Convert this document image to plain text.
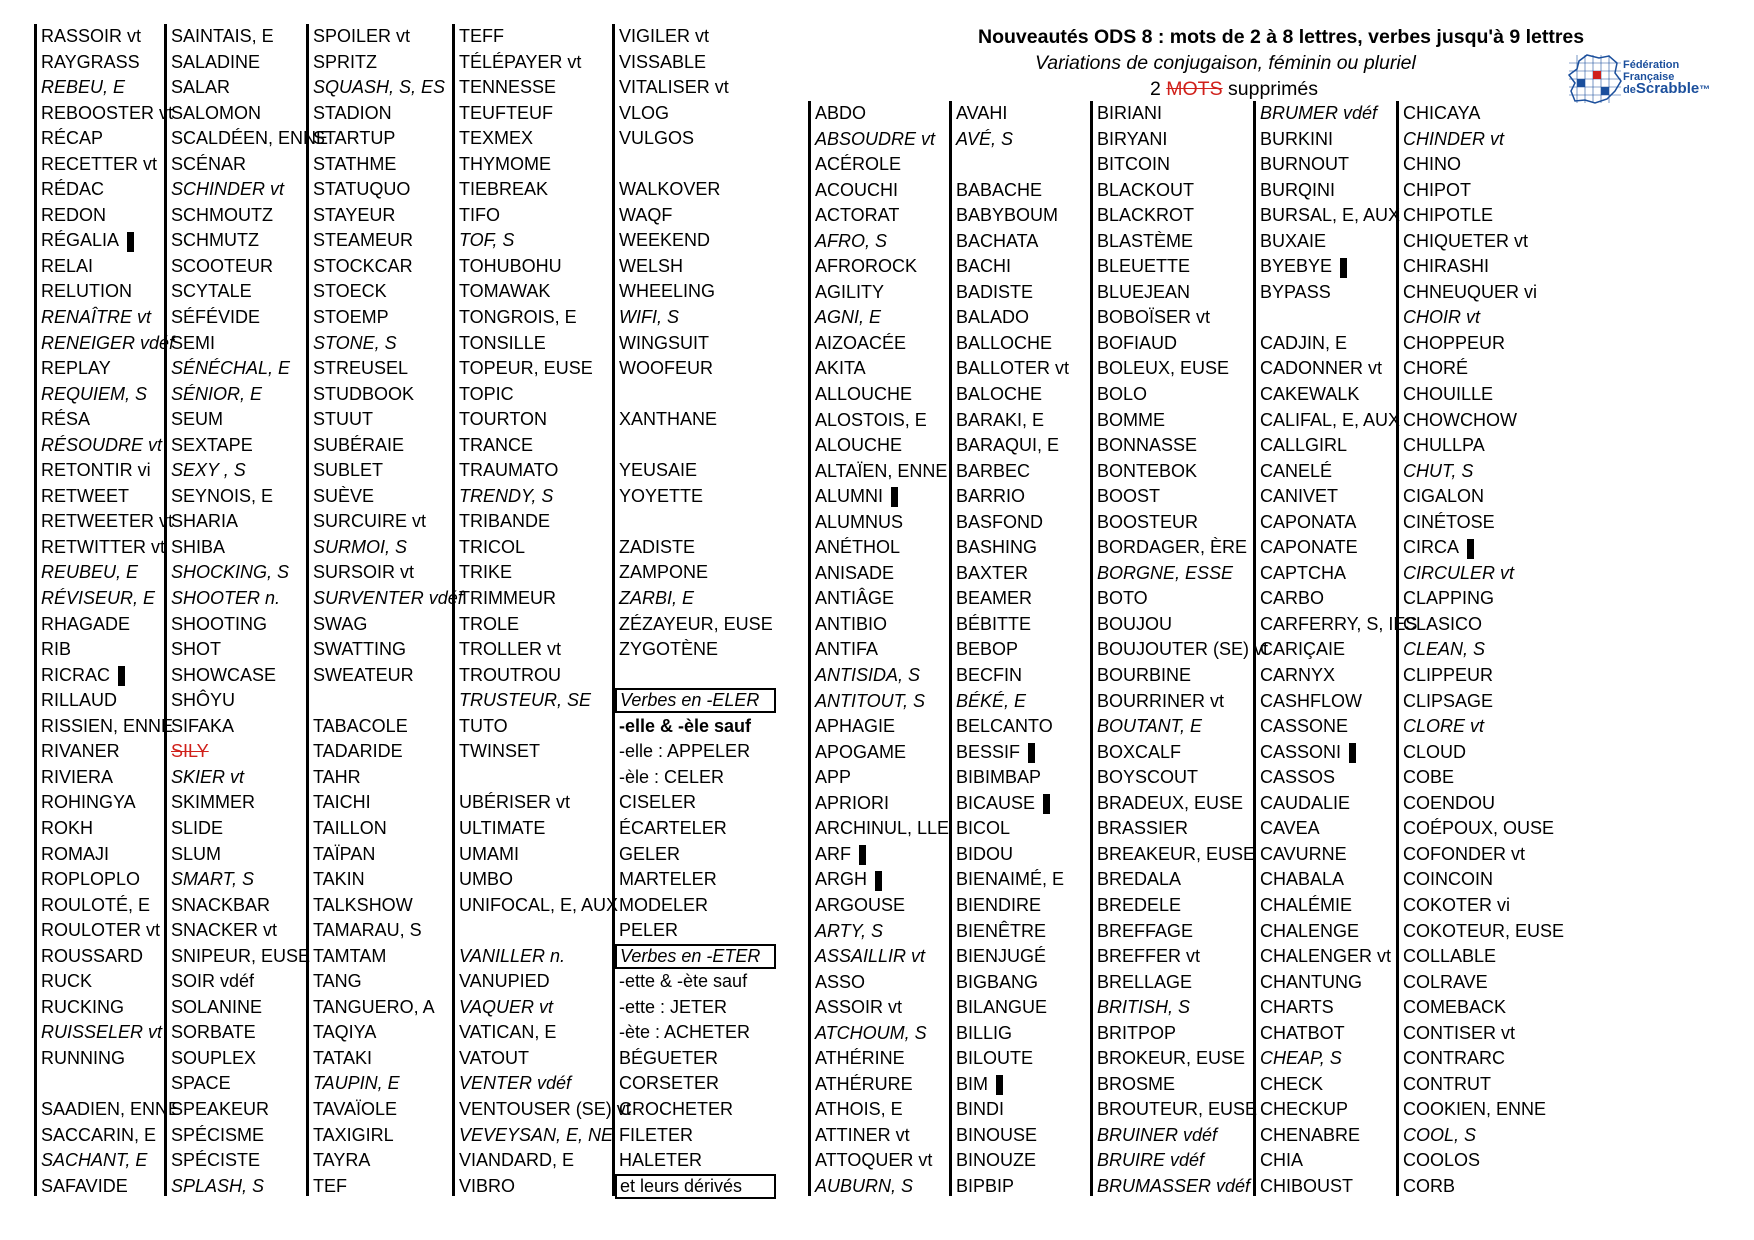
Nouveautés ODS 8 : mots de 2 à 8 lettres, verbes jusqu'à 9 lettres
Variations de conjugaison, féminin ou pluriel
2 MOTS supprimés
Fédération
Française
deScrabble™
RASSOIR vt
RAYGRASS
REBEU, E
REBOOSTER vt
RÉCAP
RECETTER vt
RÉDAC
REDON
RÉGALIA
RELAI
RELUTION
RENAÎTRE vt
RENEIGER vdéf
REPLAY
REQUIEM, S
RÉSA
RÉSOUDRE vt
RETONTIR vi
RETWEET
RETWEETER vt
RETWITTER vt
REUBEU, E
RÉVISEUR, E
RHAGADE
RIB
RICRAC
RILLAUD
RISSIEN, ENNE
RIVANER
RIVIERA
ROHINGYA
ROKH
ROMAJI
ROPLOPLO
ROULOTÉ, E
ROULOTER vt
ROUSSARD
RUCK
RUCKING
RUISSELER vt
RUNNING
SAADIEN, ENNE
SACCARIN, E
SACHANT, E
SAFAVIDE
SAINTAIS, E
SALADINE
SALAR
SALOMON
SCALDÉEN, ENNE
SCÉNAR
SCHINDER vt
SCHMOUTZ
SCHMUTZ
SCOOTEUR
SCYTALE
SÉFÉVIDE
SEMI
SÉNÉCHAL, E
SÉNIOR, E
SEUM
SEXTAPE
SEXY , S
SEYNOIS, E
SHARIA
SHIBA
SHOCKING, S
SHOOTER n.
SHOOTING
SHOT
SHOWCASE
SHÔYU
SIFAKA
SILY
SKIER vt
SKIMMER
SLIDE
SLUM
SMART, S
SNACKBAR
SNACKER vt
SNIPEUR, EUSE
SOIR vdéf
SOLANINE
SORBATE
SOUPLEX
SPACE
SPEAKEUR
SPÉCISME
SPÉCISTE
SPLASH, S
SPOILER vt
SPRITZ
SQUASH, S, ES
STADION
STARTUP
STATHME
STATUQUO
STAYEUR
STEAMEUR
STOCKCAR
STOECK
STOEMP
STONE, S
STREUSEL
STUDBOOK
STUUT
SUBÉRAIE
SUBLET
SUÈVE
SURCUIRE vt
SURMOI, S
SURSOIR vt
SURVENTER vdéf
SWAG
SWATTING
SWEATEUR
TABACOLE
TADARIDE
TAHR
TAICHI
TAILLON
TAÏPAN
TAKIN
TALKSHOW
TAMARAU, S
TAMTAM
TANG
TANGUERO, A
TAQIYA
TATAKI
TAUPIN, E
TAVAÏOLE
TAXIGIRL
TAYRA
TEF
TEFF
TÉLÉPAYER vt
TENNESSE
TEUFTEUF
TEXMEX
THYMOME
TIEBREAK
TIFO
TOF, S
TOHUBOHU
TOMAWAK
TONGROIS, E
TONSILLE
TOPEUR, EUSE
TOPIC
TOURTON
TRANCE
TRAUMATO
TRENDY, S
TRIBANDE
TRICOL
TRIKE
TRIMMEUR
TROLE
TROLLER vt
TROUTROU
TRUSTEUR, SE
TUTO
TWINSET
UBÉRISER vt
ULTIMATE
UMAMI
UMBO
UNIFOCAL, E, AUX
VANILLER n.
VANUPIED
VAQUER vt
VATICAN, E
VATOUT
VENTER vdéf
VENTOUSER (SE) vt
VEVEYSAN, E, NE
VIANDARD, E
VIBRO
VIGILER vt
VISSABLE
VITALISER vt
VLOG
VULGOS
WALKOVER
WAQF
WEEKEND
WELSH
WHEELING
WIFI, S
WINGSUIT
WOOFEUR
XANTHANE
YEUSAIE
YOYETTE
ZADISTE
ZAMPONE
ZARBI, E
ZÉZAYEUR, EUSE
ZYGOTÈNE
Verbes en -ELER
-elle & -èle sauf
-elle : APPELER
-èle : CELER
CISELER
ÉCARTELER
GELER
MARTELER
MODELER
PELER
Verbes en -ETER
-ette & -ète sauf
-ette : JETER
-ète : ACHETER
BÉGUETER
CORSETER
CROCHETER
FILETER
HALETER
et leurs dérivés
ABDO
ABSOUDRE vt
ACÉROLE
ACOUCHI
ACTORAT
AFRO, S
AFROROCK
AGILITY
AGNI, E
AIZOACÉE
AKITA
ALLOUCHE
ALOSTOIS, E
ALOUCHE
ALTAÏEN, ENNE
ALUMNI
ALUMNUS
ANÉTHOL
ANISADE
ANTIÂGE
ANTIBIO
ANTIFA
ANTISIDA, S
ANTITOUT, S
APHAGIE
APOGAME
APP
APRIORI
ARCHINUL, LLE
ARF
ARGH
ARGOUSE
ARTY, S
ASSAILLIR vt
ASSO
ASSOIR vt
ATCHOUM, S
ATHÉRINE
ATHÉRURE
ATHOIS, E
ATTINER vt
ATTOQUER vt
AUBURN, S
AVAHI
AVÉ, S
BABACHE
BABYBOUM
BACHATA
BACHI
BADISTE
BALADO
BALLOCHE
BALLOTER vt
BALOCHE
BARAKI, E
BARAQUI, E
BARBEC
BARRIO
BASFOND
BASHING
BAXTER
BEAMER
BÉBITTE
BEBOP
BECFIN
BÉKÉ, E
BELCANTO
BESSIF
BIBIMBAP
BICAUSE
BICOL
BIDOU
BIENAIMÉ, E
BIENDIRE
BIENÊTRE
BIENJUGÉ
BIGBANG
BILANGUE
BILLIG
BILOUTE
BIM
BINDI
BINOUSE
BINOUZE
BIPBIP
BIRIANI
BIRYANI
BITCOIN
BLACKOUT
BLACKROT
BLASTÈME
BLEUETTE
BLUEJEAN
BOBOÏSER vt
BOFIAUD
BOLEUX, EUSE
BOLO
BOMME
BONNASSE
BONTEBOK
BOOST
BOOSTEUR
BORDAGER, ÈRE
BORGNE, ESSE
BOTO
BOUJOU
BOUJOUTER (SE) vt
BOURBINE
BOURRINER vt
BOUTANT, E
BOXCALF
BOYSCOUT
BRADEUX, EUSE
BRASSIER
BREAKEUR, EUSE
BREDALA
BREDELE
BREFFAGE
BREFFER vt
BRELLAGE
BRITISH, S
BRITPOP
BROKEUR, EUSE
BROSME
BROUTEUR, EUSE
BRUINER vdéf
BRUIRE vdéf
BRUMASSER vdéf
BRUMER vdéf
BURKINI
BURNOUT
BURQINI
BURSAL, E, AUX
BUXAIE
BYEBYE
BYPASS
CADJIN, E
CADONNER vt
CAKEWALK
CALIFAL, E, AUX
CALLGIRL
CANELÉ
CANIVET
CAPONATA
CAPONATE
CAPTCHA
CARBO
CARFERRY, S, IES
CARIÇAIE
CARNYX
CASHFLOW
CASSONE
CASSONI
CASSOS
CAUDALIE
CAVEA
CAVURNE
CHABALA
CHALÉMIE
CHALENGE
CHALENGER vt
CHANTUNG
CHARTS
CHATBOT
CHEAP, S
CHECK
CHECKUP
CHENABRE
CHIA
CHIBOUST
CHICAYA
CHINDER vt
CHINO
CHIPOT
CHIPOTLE
CHIQUETER vt
CHIRASHI
CHNEUQUER vi
CHOIR vt
CHOPPEUR
CHORÉ
CHOUILLE
CHOWCHOW
CHULLPA
CHUT, S
CIGALON
CINÉTOSE
CIRCA
CIRCULER vt
CLAPPING
CLASICO
CLEAN, S
CLIPPEUR
CLIPSAGE
CLORE vt
CLOUD
COBE
COENDOU
COÉPOUX, OUSE
COFONDER vt
COINCOIN
COKOTER vi
COKOTEUR, EUSE
COLLABLE
COLRAVE
COMEBACK
CONTISER vt
CONTRARC
CONTRUT
COOKIEN, ENNE
COOL, S
COOLOS
CORB
